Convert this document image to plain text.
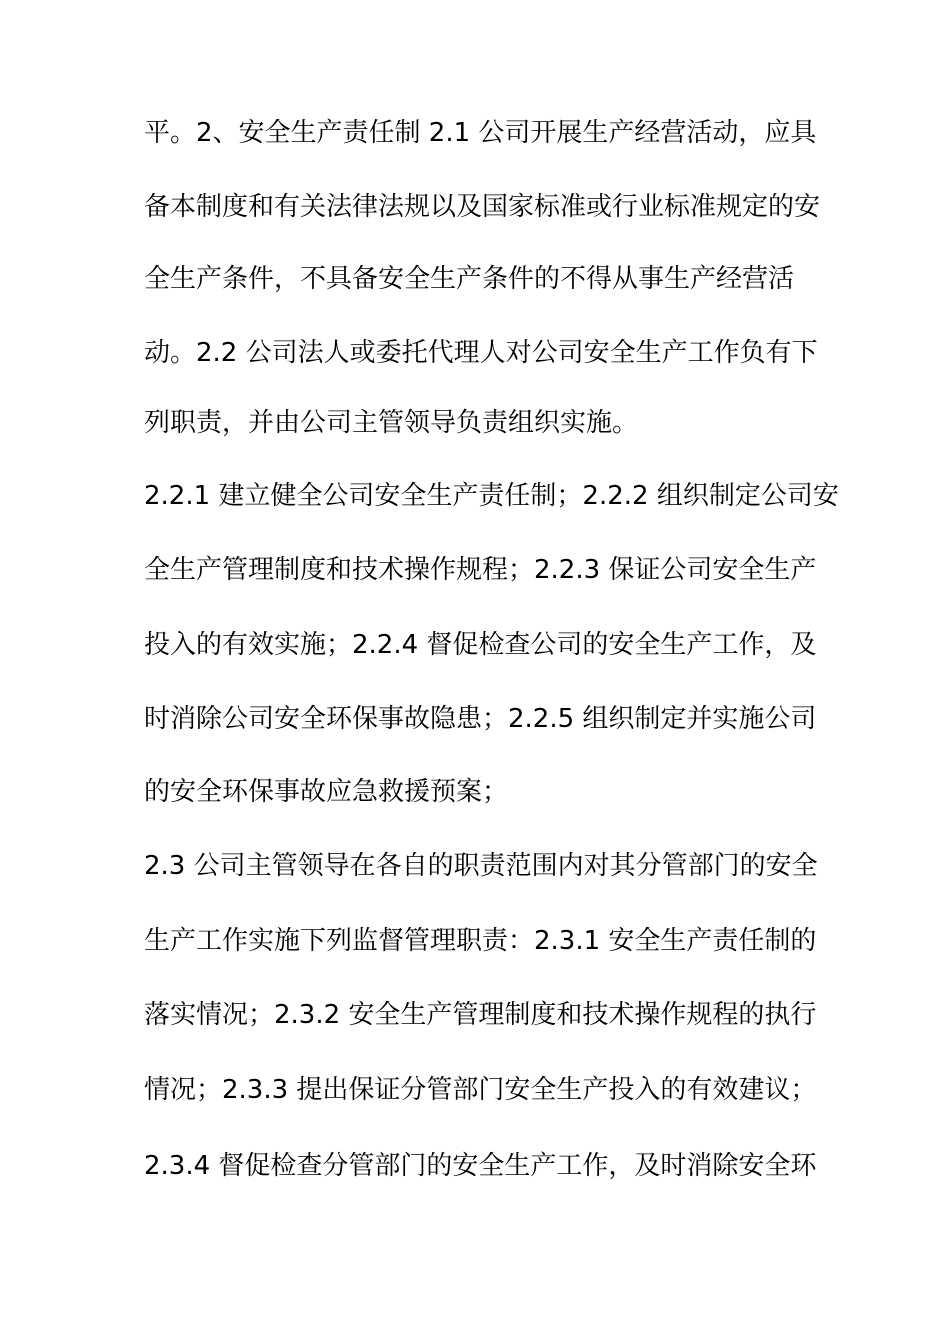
平。2、安全生产责任制 2.1 公司开展生产经营活动，应具
备本制度和有关法律法规以及国家标准或行业标准规定的安
全生产条件，不具备安全生产条件的不得从事生产经营活
动。2.2 公司法人或委托代理人对公司安全生产工作负有下
列职责，并由公司主管领导负责组织实施。
2.2.1 建立健全公司安全生产责任制；2.2.2 组织制定公司安
全生产管理制度和技术操作规程；2.2.3 保证公司安全生产
投入的有效实施；2.2.4 督促检查公司的安全生产工作，及
时消除公司安全环保事故隐患；2.2.5 组织制定并实施公司
的安全环保事故应急救援预案；
2.3 公司主管领导在各自的职责范围内对其分管部门的安全
生产工作实施下列监督管理职责：2.3.1 安全生产责任制的
落实情况；2.3.2 安全生产管理制度和技术操作规程的执行
情况；2.3.3 提出保证分管部门安全生产投入的有效建议；
2.3.4 督促检查分管部门的安全生产工作，及时消除安全环
